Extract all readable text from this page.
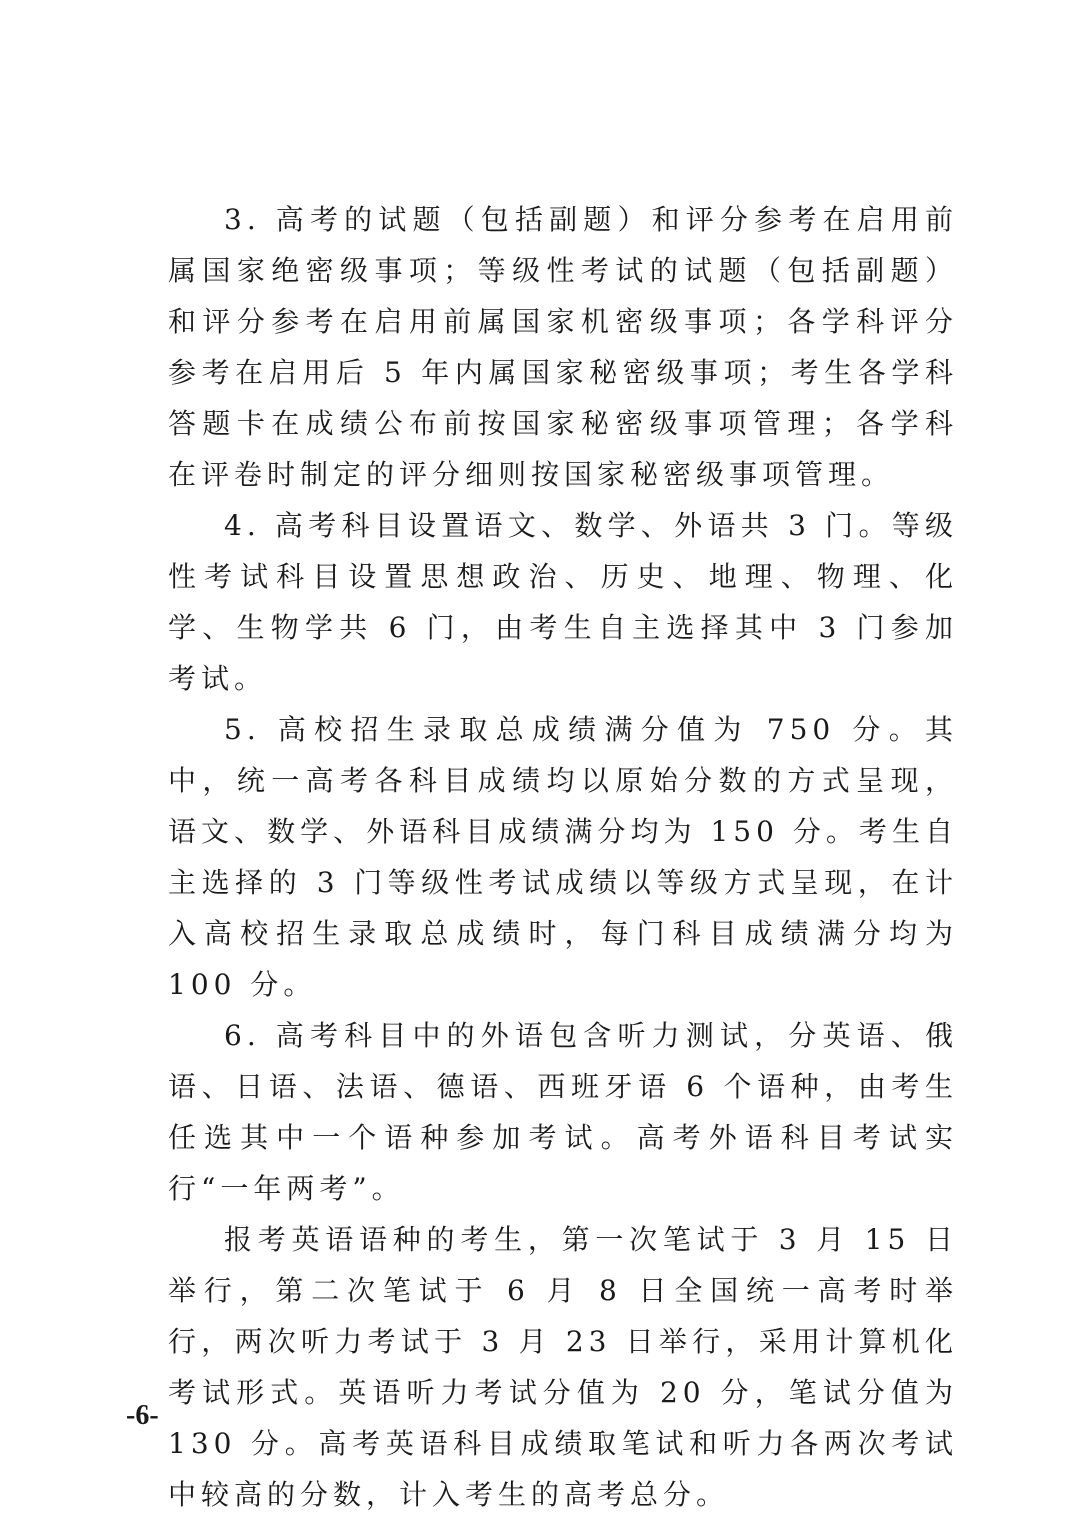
3. 高考的试题（包括副题）和评分参考在启用前属国家绝密级事项；等级性考试的试题（包括副题）和评分参考在启用前属国家机密级事项；各学科评分参考在启用后 5 年内属国家秘密级事项；考生各学科答题卡在成绩公布前按国家秘密级事项管理；各学科在评卷时制定的评分细则按国家秘密级事项管理。

4. 高考科目设置语文、数学、外语共 3 门。等级性考试科目设置思想政治、历史、地理、物理、化学、生物学共 6 门，由考生自主选择其中 3 门参加考试。

5. 高校招生录取总成绩满分值为 750 分。其中，统一高考各科目成绩均以原始分数的方式呈现，语文、数学、外语科目成绩满分均为 150 分。考生自主选择的 3 门等级性考试成绩以等级方式呈现，在计入高校招生录取总成绩时，每门科目成绩满分均为 100 分。

6. 高考科目中的外语包含听力测试，分英语、俄语、日语、法语、德语、西班牙语 6 个语种，由考生任选其中一个语种参加考试。高考外语科目考试实行“一年两考”。

报考英语语种的考生，第一次笔试于 3 月 15 日举行，第二次笔试于 6 月 8 日全国统一高考时举行，两次听力考试于 3 月 23 日举行，采用计算机化考试形式。英语听力考试分值为 20 分，笔试分值为 130 分。高考英语科目成绩取笔试和听力各两次考试中较高的分数，计入考生的高考总分。

-6-
